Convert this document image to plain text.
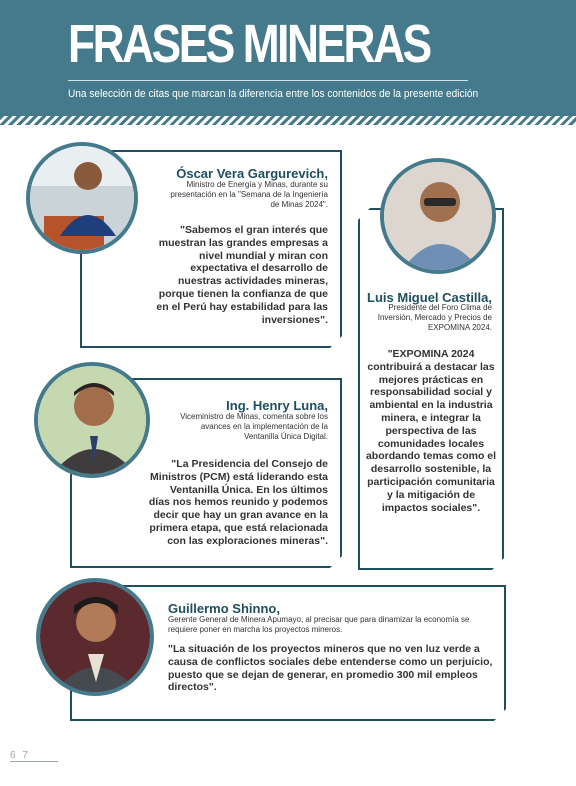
FRASES MINERAS
Una selección de citas que marcan la diferencia entre los contenidos de la presente edición
Óscar Vera Gargurevich,
Ministro de Energía y Minas, durante su presentación en la "Semana de la Ingeniería de Minas 2024".
"Sabemos el gran interés que muestran las grandes empresas a nivel mundial y miran con expectativa el desarrollo de nuestras actividades mineras, porque tienen la confianza de que en el Perú hay estabilidad para las inversiones".
Luis Miguel Castilla,
Presidente del Foro Clima de Inversión, Mercado y Precios de EXPOMINA 2024.
"EXPOMINA 2024 contribuirá a destacar las mejores prácticas en responsabilidad social y ambiental en la industria minera, e integrar la perspectiva de las comunidades locales abordando temas como el desarrollo sostenible, la participación comunitaria y la mitigación de impactos sociales".
Ing. Henry Luna,
Viceministro de Minas, comenta sobre los avances en la implementación de la Ventanilla Única Digital.
"La Presidencia del Consejo de Ministros (PCM) está liderando esta Ventanilla Única. En los últimos días nos hemos reunido y podemos decir que hay un gran avance en la primera etapa, que está relacionada con las exploraciones mineras".
Guillermo Shinno,
Gerente General de Minera Apumayo, al precisar que para dinamizar la economía se requiere poner en marcha los proyectos mineros.
"La situación de los proyectos mineros que no ven luz verde a causa de conflictos sociales debe entenderse como un perjuicio, puesto que se dejan de generar, en promedio 300 mil empleos directos".
6 7
